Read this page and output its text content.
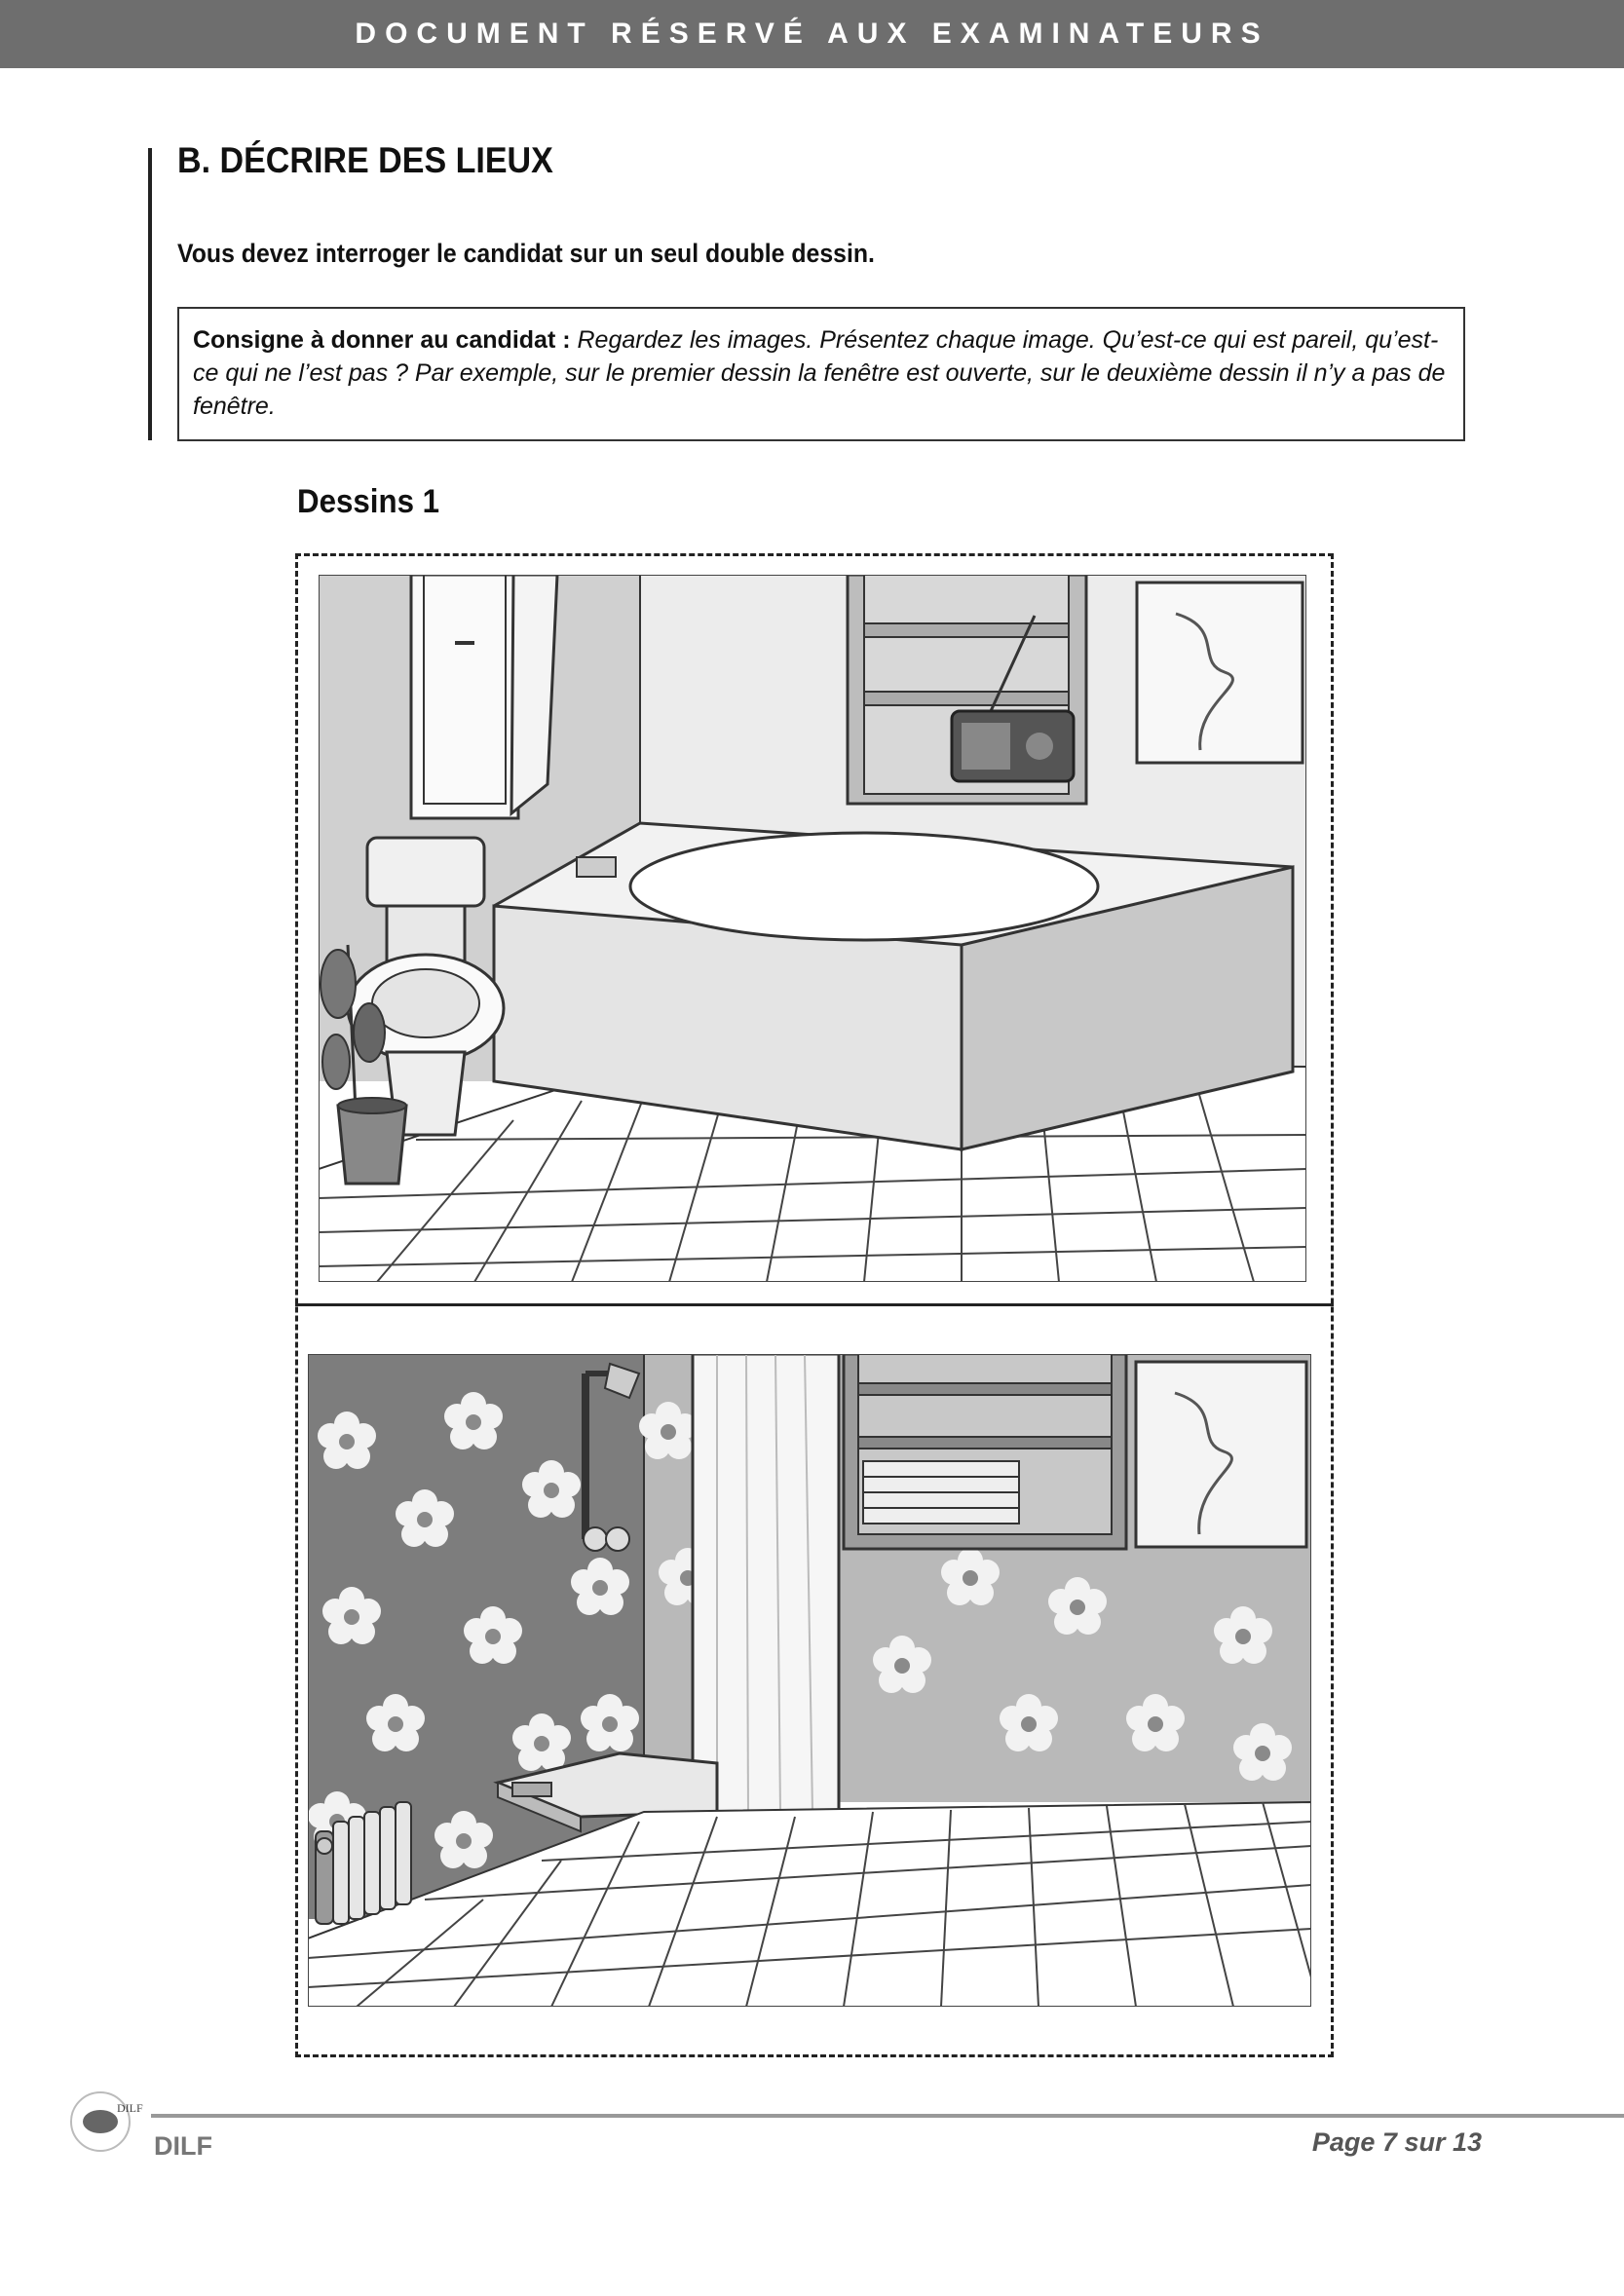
DOCUMENT RÉSERVÉ AUX EXAMINATEURS
B. DÉCRIRE DES LIEUX
Vous devez interroger le candidat sur un seul double dessin.
Consigne à donner au candidat : Regardez les images. Présentez chaque image. Qu’est-ce qui est pareil, qu’est-ce qui ne l’est pas ? Par exemple, sur le premier dessin la fenêtre est ouverte, sur le deuxième dessin il n’y a pas de fenêtre.
Dessins 1
DILF
DILF	Page 7 sur 13
